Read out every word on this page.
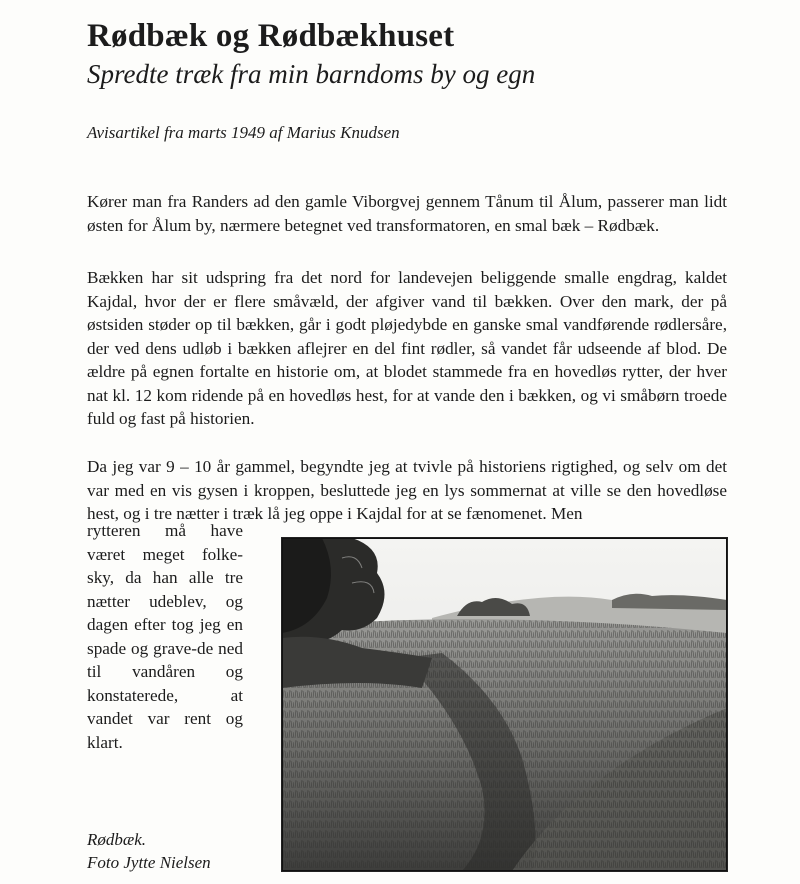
Rødbæk og Rødbækhuset
Spredte træk fra min barndoms by og egn

Avisartikel fra marts 1949 af Marius Knudsen

Kører man fra Randers ad den gamle Viborgvej gennem Tånum til Ålum, passerer man lidt østen for Ålum by, nærmere betegnet ved transformatoren, en smal bæk – Rødbæk.

Bækken har sit udspring fra det nord for landevejen beliggende smalle engdrag, kaldet Kajdal, hvor der er flere småvæld, der afgiver vand til bækken. Over den mark, der på østsiden støder op til bækken, går i godt pløjedybde en ganske smal vandførende rødlersåre, der ved dens udløb i bækken aflejrer en del fint rødler, så vandet får udseende af blod. De ældre på egnen fortalte en historie om, at blodet stammede fra en hovedløs rytter, der hver nat kl. 12 kom ridende på en hovedløs hest, for at vande den i bækken, og vi småbørn troede fuld og fast på historien.

Da jeg var 9 – 10 år gammel, begyndte jeg at tvivle på historiens rigtighed, og selv om det var med en vis gysen i kroppen, besluttede jeg en lys sommernat at ville se den hovedløse hest, og i tre nætter i træk lå jeg oppe i Kajdal for at se fænomenet. Men

rytteren må have været meget folke-sky, da han alle tre nætter udeblev, og dagen efter tog jeg en spade og grave-de ned til vandåren og konstaterede, at vandet var rent og klart.

Rødbæk.
Foto Jytte Nielsen
